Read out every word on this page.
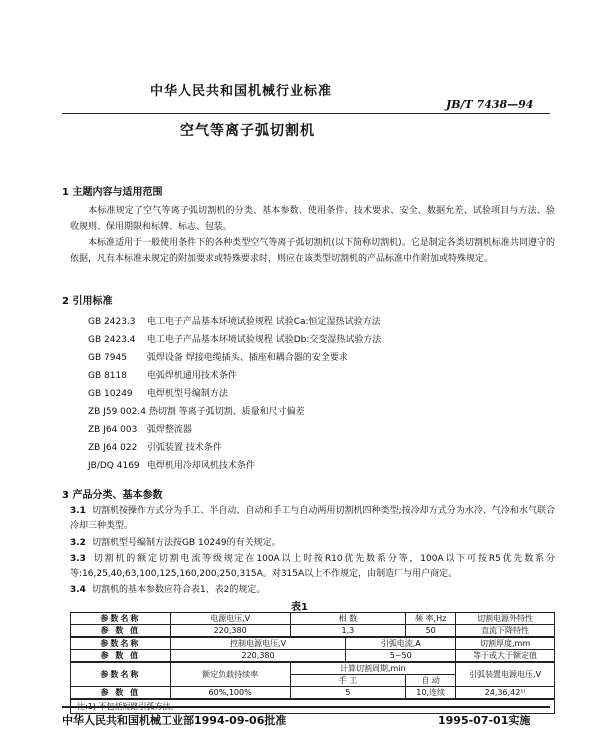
中华人民共和国机械行业标准
JB/T 7438—94
空气等离子弧切割机
1 主题内容与适用范围
本标准规定了空气等离子弧切割机的分类、基本参数、使用条件、技术要求、安全、数据允差、试验项目与方法、验收规则、保用期限和标牌、标志、包装。
本标准适用于一般使用条件下的各种类型空气等离子弧切割机(以下简称切割机)。它是制定各类切割机标准共同遵守的依据，凡有本标准未规定的附加要求或特殊要求时，则应在该类型切割机的产品标准中作附加或特殊规定。
2 引用标准
GB 2423.3 电工电子产品基本环境试验规程 试验Ca:恒定湿热试验方法
GB 2423.4 电工电子产品基本环境试验规程 试验Db:交变湿热试验方法
GB 7945 弧焊设备 焊接电缆插头、插座和耦合器的安全要求
GB 8118 电弧焊机通用技术条件
GB 10249 电焊机型号编制方法
ZB J59 002.4 热切割 等离子弧切割、质量和尺寸偏差
ZB J64 003 弧焊整流器
ZB J64 022 引弧装置 技术条件
JB/DQ 4169 电焊机用冷却风机技术条件
3 产品分类、基本参数
3.1 切割机按操作方式分为手工、半自动、自动和手工与自动两用切割机四种类型;按冷却方式分为水冷、气冷和水气联合冷却三种类型。
3.2 切割机型号编制方法按GB 10249的有关规定。
3.3 切割机的额定切割电流等级规定在100A以上时按R10优先数系分等，100A以下可按R5优先数系分等:16,25,40,63,100,125,160,200,250,315A。对315A以上不作规定，由制造厂与用户商定。
表1
参数名称	电源电压,V	相 数		频 率,Hz	切割电源外特性
参 数 值	220,380	1,3		50	直流下降特性
参数名称	控制电源电压,V		引弧电流,A		切割厚度,mm
参 数 值	220,380		5~50		等于或大于额定值
参数名称	额定负载持续率	计算切割周期,min			引弧装置电源电压,V
		手 工		自 动	
参 数 值	60%,100%	5		10,连续	24,36,42¹⁾
注:1) 不包括短路引弧方法。					
中华人民共和国机械工业部1994-09-06批准	1995-07-01实施
3.4 切割机的基本参数应符合表1、表2的规定。
